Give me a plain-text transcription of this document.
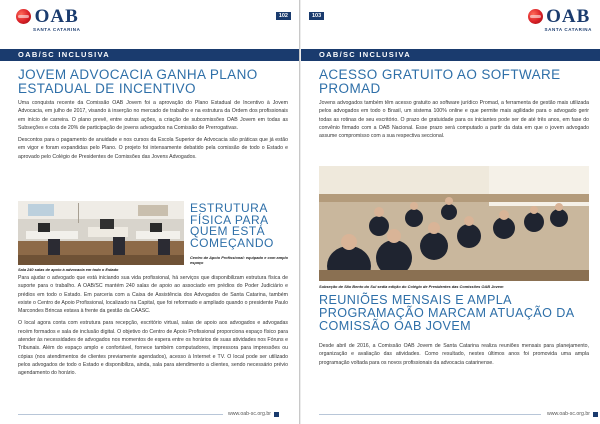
OAB
SANTA CATARINA
102
OAB/SC INCLUSIVA
JOVEM ADVOCACIA GANHA PLANO ESTADUAL DE INCENTIVO

Uma conquista recente da Comissão OAB Jovem foi a aprovação do Plano Estadual de Incentivo à Jovem Advocacia, em julho de 2017, visando à inserção no mercado de trabalho e na estrutura da Ordem dos profissionais em início de carreira. O plano prevê, entre outras ações, a criação de subcomissões OAB Jovem em todas as Subseções e cota de 20% de participação de jovens advogados na Comissão de Prerrogativas.

Descontos para o pagamento de anuidade e nos cursos da Escola Superior de Advocacia são práticas que já estão em vigor e foram expandidas pelo Plano. O projeto foi intensamente debatido pela comissão de todo o Estado e aprovado pelo Colégio de Presidentes de Comissões das Jovens Advogados.

Sala 240 salas de apoio à advocacia em todo o Estado
ESTRUTURA FÍSICA PARA QUEM ESTÁ COMEÇANDO
Centro de Apoio Profissional: equipado e com amplo espaço

Para ajudar o advogado que está iniciando sua vida profissional, há serviços que disponibilizam estrutura física de suporte para o trabalho. A OAB/SC mantém 240 salas de apoio ao associado em prédios do Poder Judiciário e prédios em todo o Estado. Em parceria com a Caixa de Assistência dos Advogados de Santa Catarina, também existe o Centro de Apoio Profissional, localizado na Capital, que foi reformado e ampliado quando o presidente Paulo Marcondes Brincas estava à frente da gestão da CAASC.

O local agora conta com estrutura para recepção, escritório virtual, salas de apoio aos advogados e advogadas recém formados e sala de inclusão digital. O objetivo do Centro de Apoio Profissional proporciona espaço físico para atender às necessidades de advogados nos momentos de espera entre os horários de suas atividades nos Fóruns e Tribunais. Além do espaço amplo e confortável, fornece também computadores, impressora para impressões ou cópias (nos atendimentos de clientes previamente agendados), acesso à Internet e TV. O local pode ser utilizado pelos advogados de todo o Estado e disponibiliza, ainda, sala para atendimento a clientes, sendo necessário prévio agendamento do horário.

www.oab-sc.org.br
103	OAB
SANTA CATARINA
OAB/SC INCLUSIVA
ACESSO GRATUITO AO SOFTWARE PROMAD

Jovens advogados também têm acesso gratuito ao software jurídico Promad, a ferramenta de gestão mais utilizada pelos advogados em todo o Brasil, um sistema 100% online e que permite mais agilidade para o advogado gerir todas as rotinas de seu escritório. O prazo de gratuidade para os iniciantes pode ser de até três anos, em fase do convênio firmado com a OAB Nacional. Esse prazo será computado a partir da data em que o jovem advogado assume compromisso com a sua respectiva seccional.

Subseção de São Bento do Sul sedia edição do Colégio de Presidentes das Comissões OAB Jovem
REUNIÕES MENSAIS E AMPLA PROGRAMAÇÃO MARCAM ATUAÇÃO DA COMISSÃO OAB JOVEM

Desde abril de 2016, a Comissão OAB Jovem de Santa Catarina realiza reuniões mensais para planejamento, organização e avaliação das atividades. Como resultado, nestes últimos anos foi promovida uma ampla programação voltada para os novos profissionais da advocacia catarinense.

www.oab-sc.org.br
